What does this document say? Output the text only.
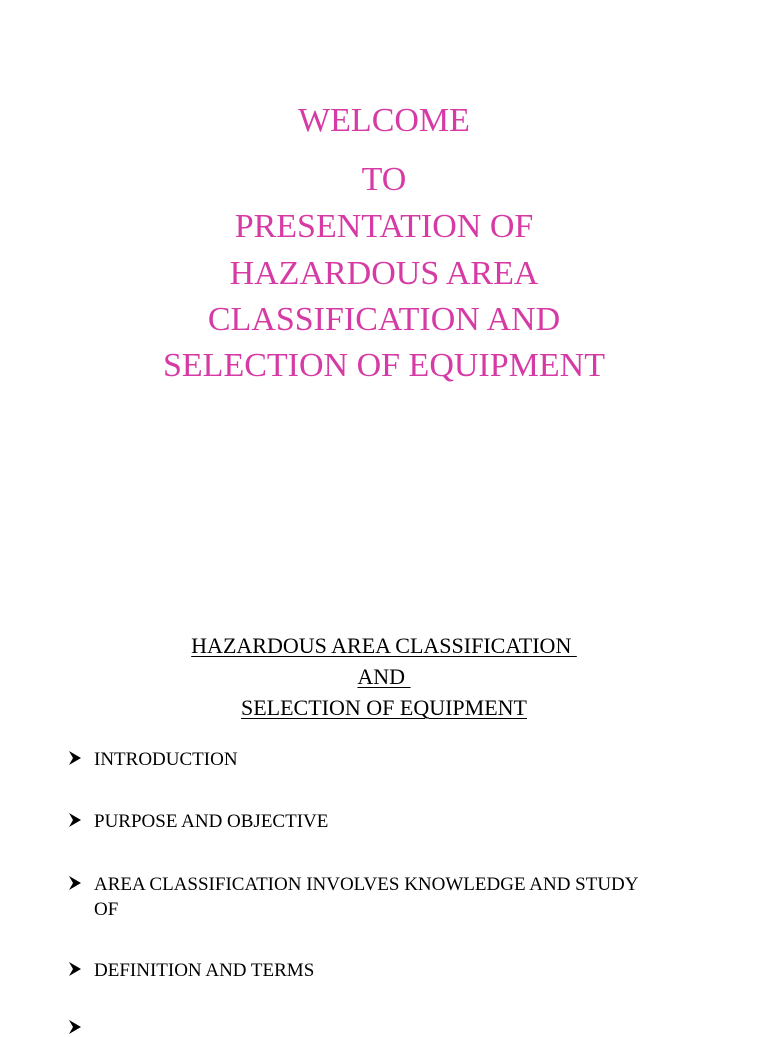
WELCOME
TO
PRESENTATION OF
HAZARDOUS AREA
CLASSIFICATION AND
SELECTION OF EQUIPMENT
HAZARDOUS AREA CLASSIFICATION
AND
SELECTION OF EQUIPMENT
INTRODUCTION
PURPOSE AND OBJECTIVE
AREA CLASSIFICATION INVOLVES KNOWLEDGE AND STUDY OF
DEFINITION AND TERMS
